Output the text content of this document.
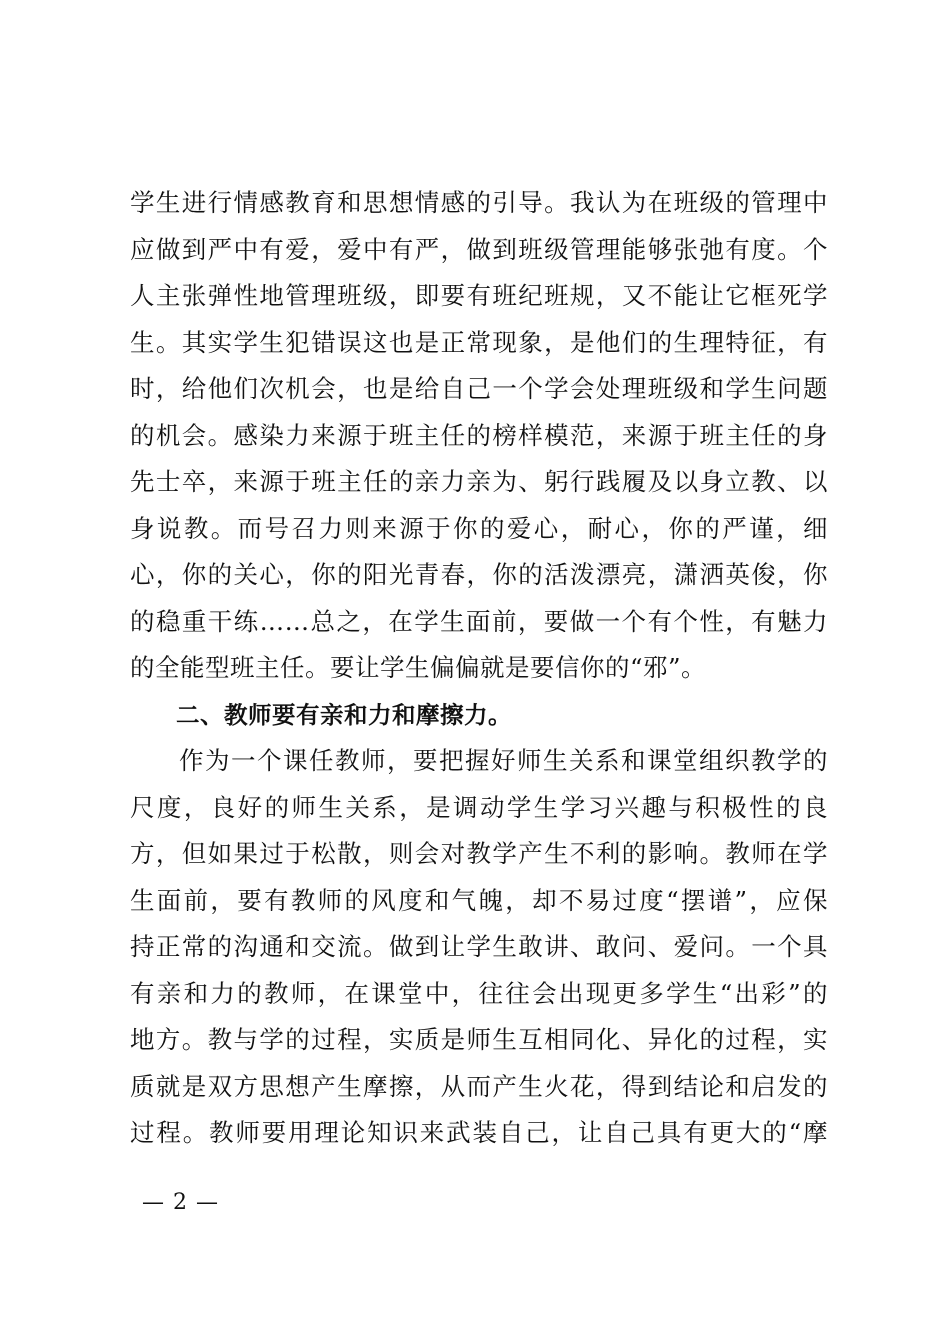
学生进行情感教育和思想情感的引导。我认为在班级的管理中
应做到严中有爱，爱中有严，做到班级管理能够张弛有度。个
人主张弹性地管理班级，即要有班纪班规，又不能让它框死学
生。其实学生犯错误这也是正常现象，是他们的生理特征，有
时，给他们次机会，也是给自己一个学会处理班级和学生问题
的机会。感染力来源于班主任的榜样模范，来源于班主任的身
先士卒，来源于班主任的亲力亲为、躬行践履及以身立教、以
身说教。而号召力则来源于你的爱心，耐心，你的严谨，细
心，你的关心，你的阳光青春，你的活泼漂亮，潇洒英俊，你
的稳重干练……总之，在学生面前，要做一个有个性，有魅力
的全能型班主任。要让学生偏偏就是要信你的“邪”。
二、教师要有亲和力和摩擦力。
作为一个课任教师，要把握好师生关系和课堂组织教学的
尺度，良好的师生关系，是调动学生学习兴趣与积极性的良
方，但如果过于松散，则会对教学产生不利的影响。教师在学
生面前，要有教师的风度和气魄，却不易过度“摆谱”，应保
持正常的沟通和交流。做到让学生敢讲、敢问、爱问。一个具
有亲和力的教师，在课堂中，往往会出现更多学生“出彩”的
地方。教与学的过程，实质是师生互相同化、异化的过程，实
质就是双方思想产生摩擦，从而产生火花，得到结论和启发的
过程。教师要用理论知识来武装自己，让自己具有更大的“摩
— 2 —
